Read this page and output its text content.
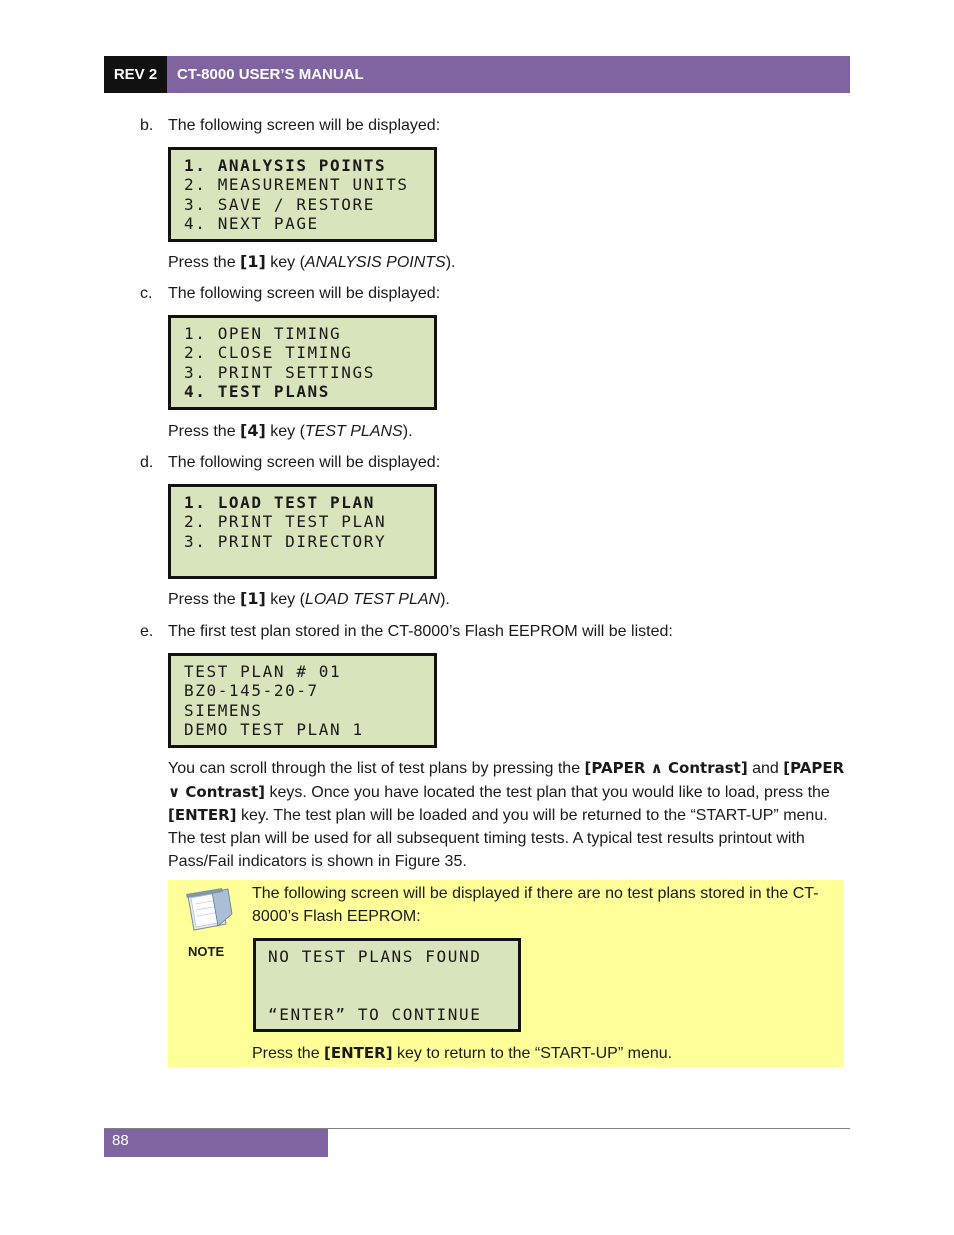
REV 2	CT-8000 USER’S MANUAL
b. The following screen will be displayed:
1. ANALYSIS POINTS
2. MEASUREMENT UNITS
3. SAVE / RESTORE
4. NEXT PAGE
Press the [1] key (ANALYSIS POINTS).
c. The following screen will be displayed:
1. OPEN TIMING
2. CLOSE TIMING
3. PRINT SETTINGS
4. TEST PLANS
Press the [4] key (TEST PLANS).
d. The following screen will be displayed:
1. LOAD TEST PLAN
2. PRINT TEST PLAN
3. PRINT DIRECTORY
Press the [1] key (LOAD TEST PLAN).
e. The first test plan stored in the CT-8000’s Flash EEPROM will be listed:
TEST PLAN # 01
BZ0-145-20-7
SIEMENS
DEMO TEST PLAN 1
You can scroll through the list of test plans by pressing the [PAPER ∧ Contrast] and [PAPER ∨ Contrast] keys. Once you have located the test plan that you would like to load, press the [ENTER] key. The test plan will be loaded and you will be returned to the “START-UP” menu. The test plan will be used for all subsequent timing tests. A typical test results printout with Pass/Fail indicators is shown in Figure 35.
NOTE
The following screen will be displayed if there are no test plans stored in the CT-8000’s Flash EEPROM:
NO TEST PLANS FOUND
“ENTER” TO CONTINUE
Press the [ENTER] key to return to the “START-UP” menu.
88
